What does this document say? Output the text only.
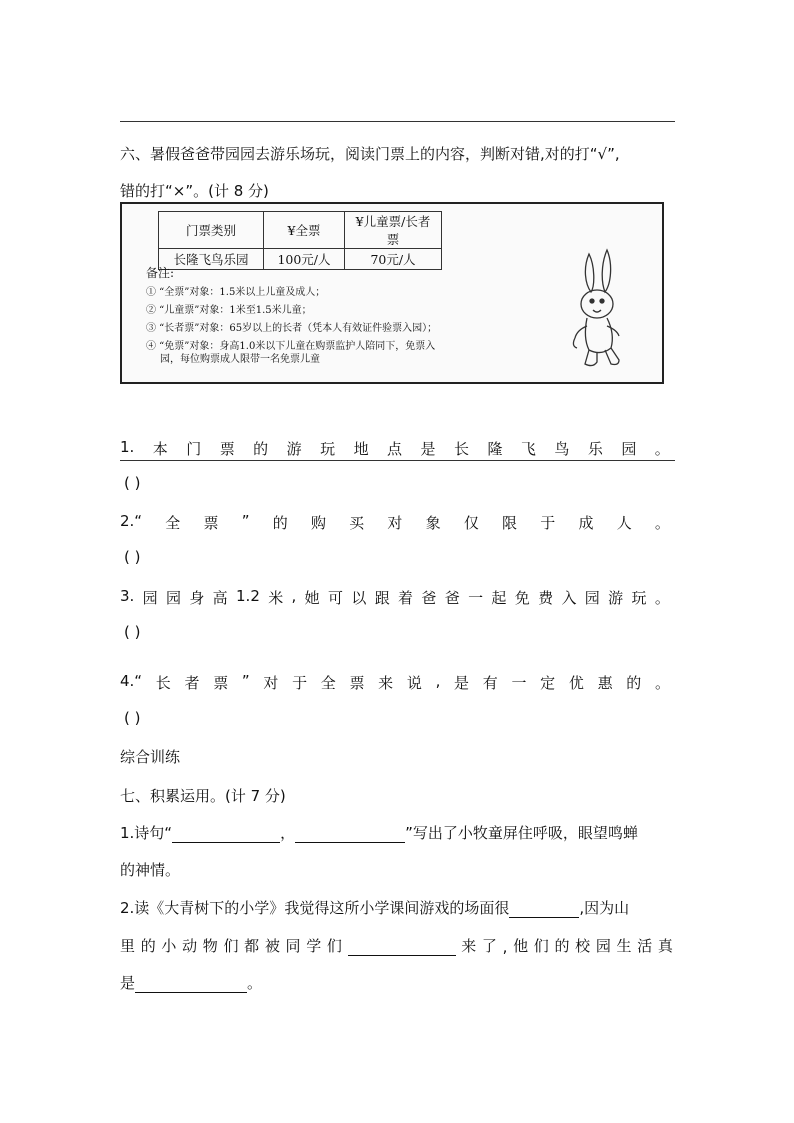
六、暑假爸爸带园园去游乐场玩，阅读门票上的内容，判断对错,对的打“√”,
错的打“×”。(计 8 分)
门票类别	¥全票	¥儿童票/长者票
长隆飞鸟乐园	100元/人	70元/人
备注:
① “全票”对象：1.5米以上儿童及成人；
② “儿童票”对象：1米至1.5米儿童；
③ “长者票”对象：65岁以上的长者（凭本人有效证件验票入园）；
④ “免票”对象：身高1.0米以下儿童在购票监护人陪同下，免票入
园，每位购票成人限带一名免票儿童
1. 本 门 票 的 游 玩 地 点 是 长 隆 飞 鸟 乐 园 。
( )
2.“ 全 票 ” 的 购 买 对 象 仅 限 于 成 人 。
( )
3. 园 园 身 高 1.2 米 , 她 可 以 跟 着 爸 爸 一 起 免 费 入 园 游 玩 。
( )
4.“ 长 者 票 ” 对 于 全 票 来 说 , 是 有 一 定 优 惠 的 。
( )
综合训练
七、积累运用。(计 7 分)
1.诗句“	，	”写出了小牧童屏住呼吸，眼望鸣蝉
的神情。
2.读《大青树下的小学》我觉得这所小学课间游戏的场面很	,因为山
里 的 小 动 物 们 都 被 同 学 们	来 了 , 他 们 的 校 园 生 活 真
是	。
